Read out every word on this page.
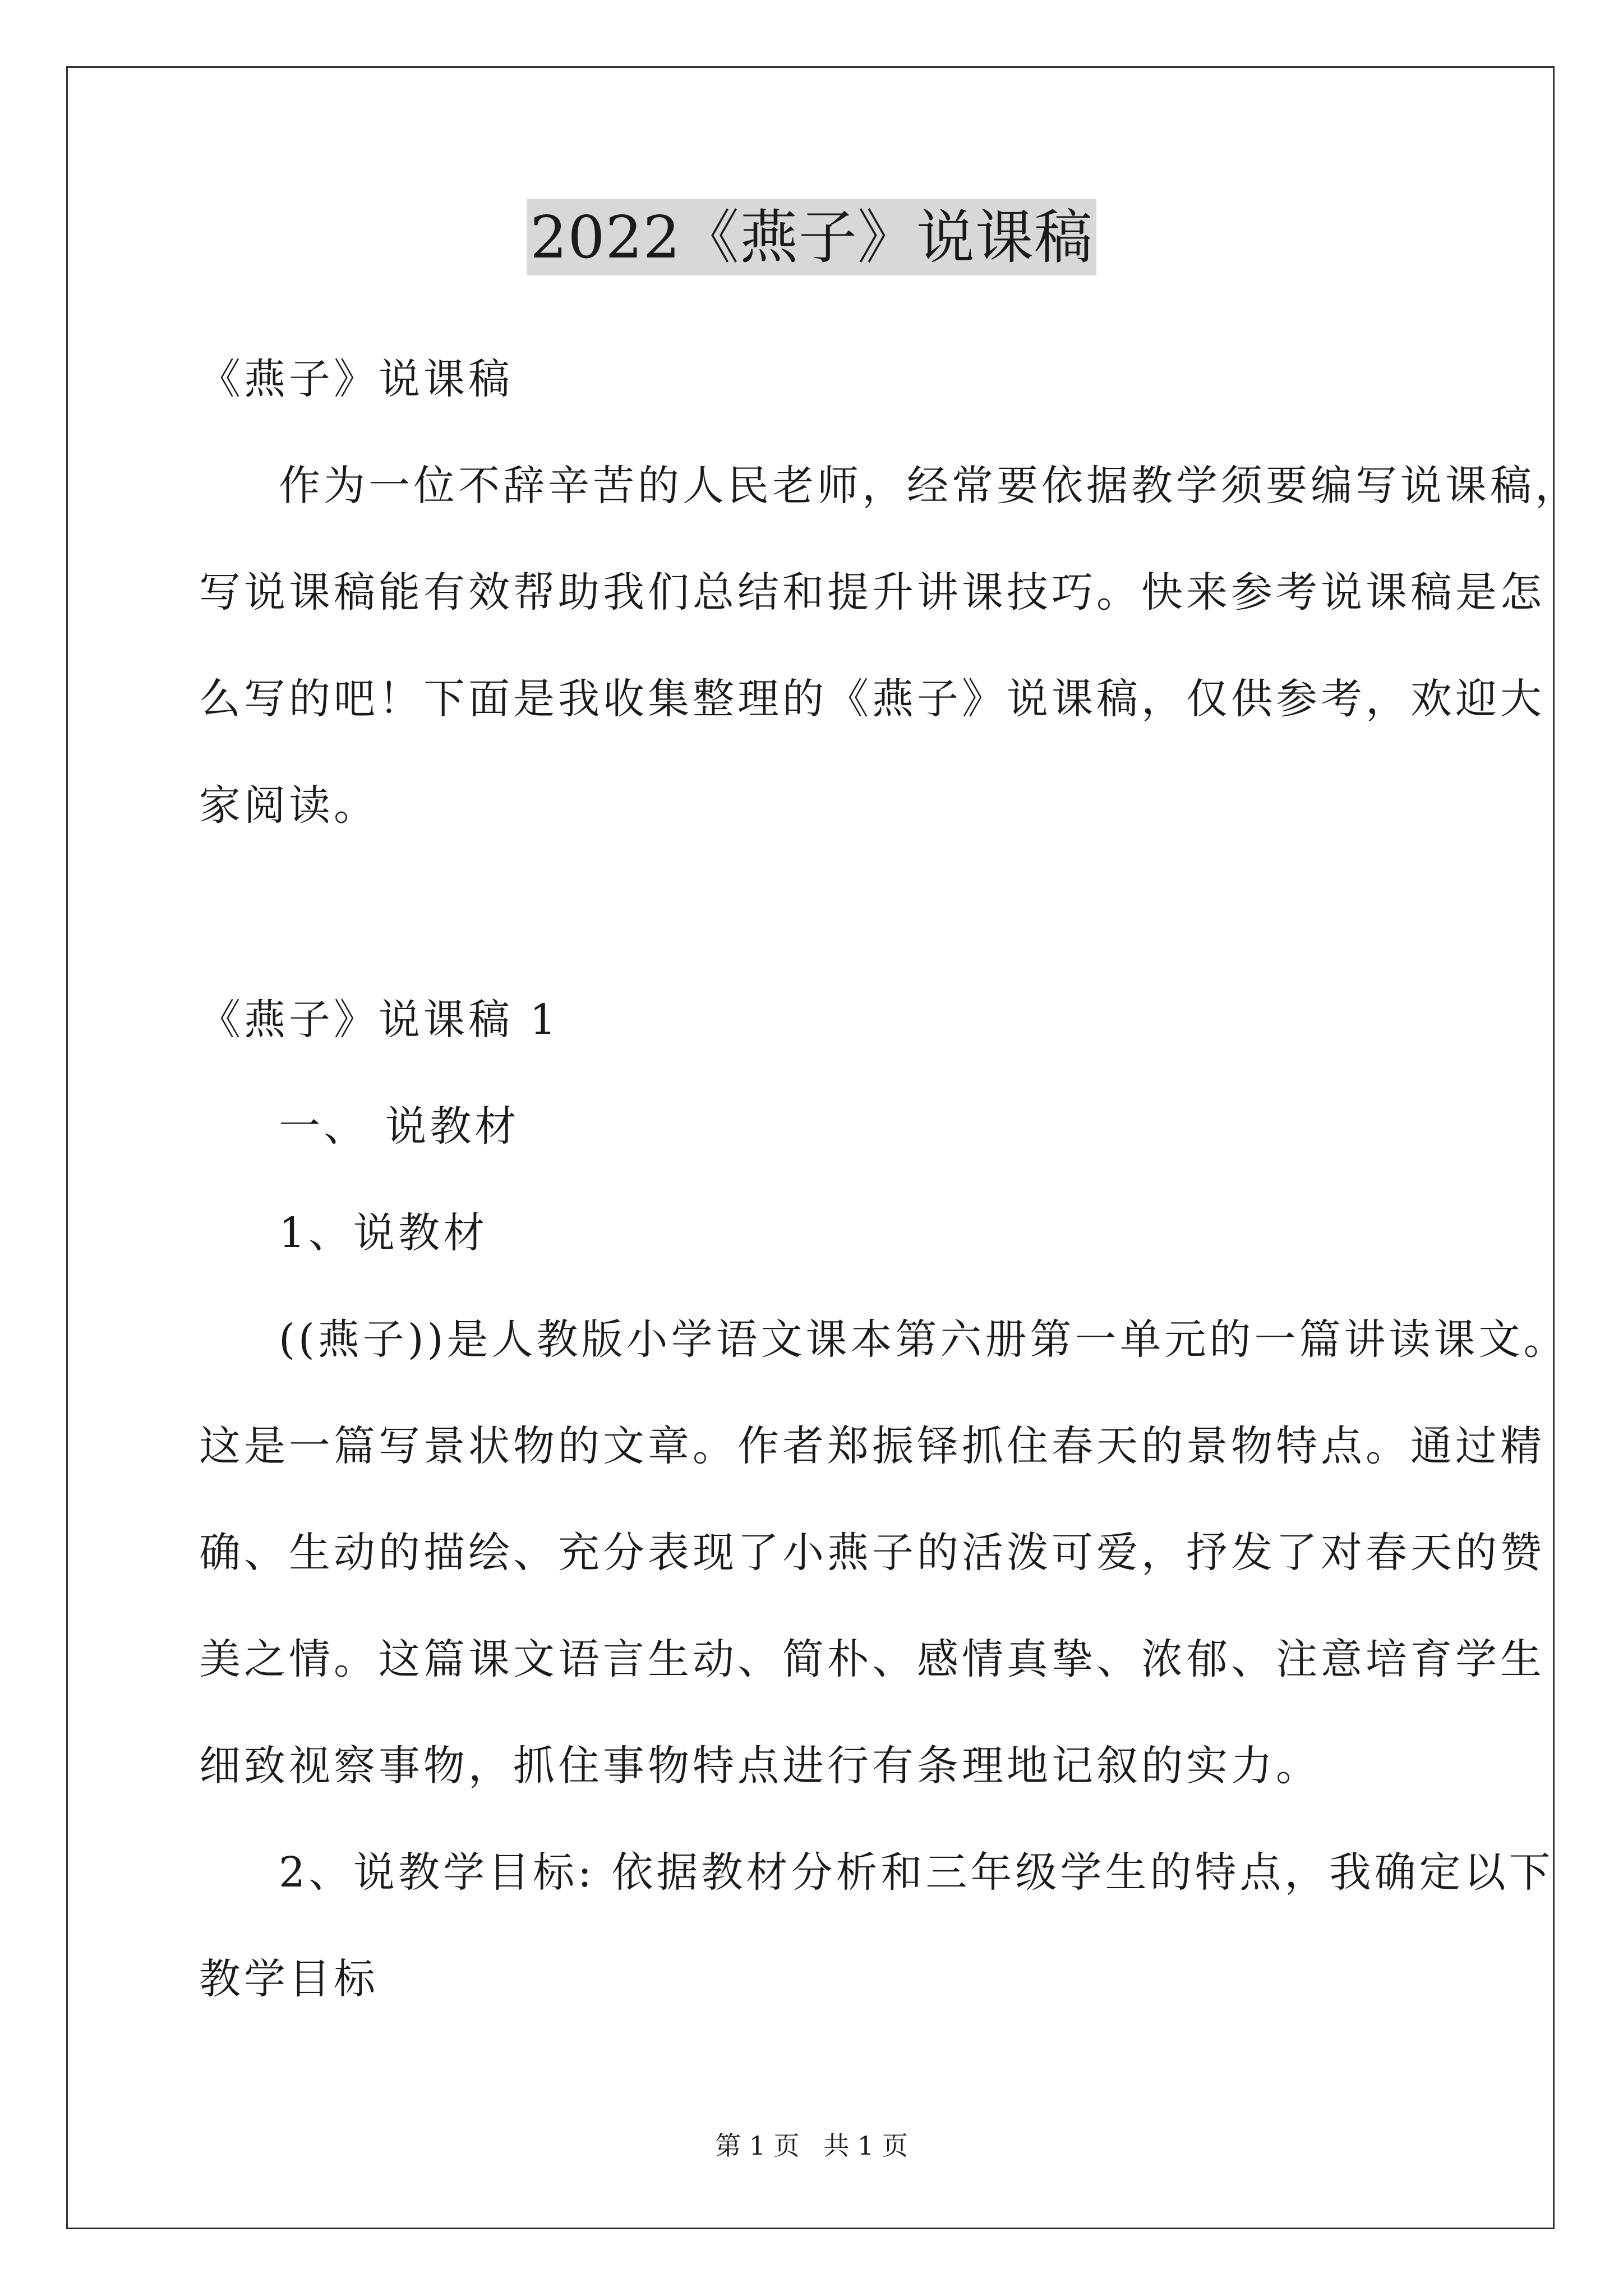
2022《燕子》说课稿
《燕子》说课稿
作为一位不辞辛苦的人民老师，经常要依据教学须要编写说课稿，
写说课稿能有效帮助我们总结和提升讲课技巧。快来参考说课稿是怎
么写的吧！下面是我收集整理的《燕子》说课稿，仅供参考，欢迎大
家阅读。
《燕子》说课稿 1
一、 说教材
1、说教材
((燕子))是人教版小学语文课本第六册第一单元的一篇讲读课文。
这是一篇写景状物的文章。作者郑振铎抓住春天的景物特点。通过精
确、生动的描绘、充分表现了小燕子的活泼可爱，抒发了对春天的赞
美之情。这篇课文语言生动、简朴、感情真挚、浓郁、注意培育学生
细致视察事物，抓住事物特点进行有条理地记叙的实力。
2、说教学目标: 依据教材分析和三年级学生的特点，我确定以下
教学目标
第 1 页 共 1 页
